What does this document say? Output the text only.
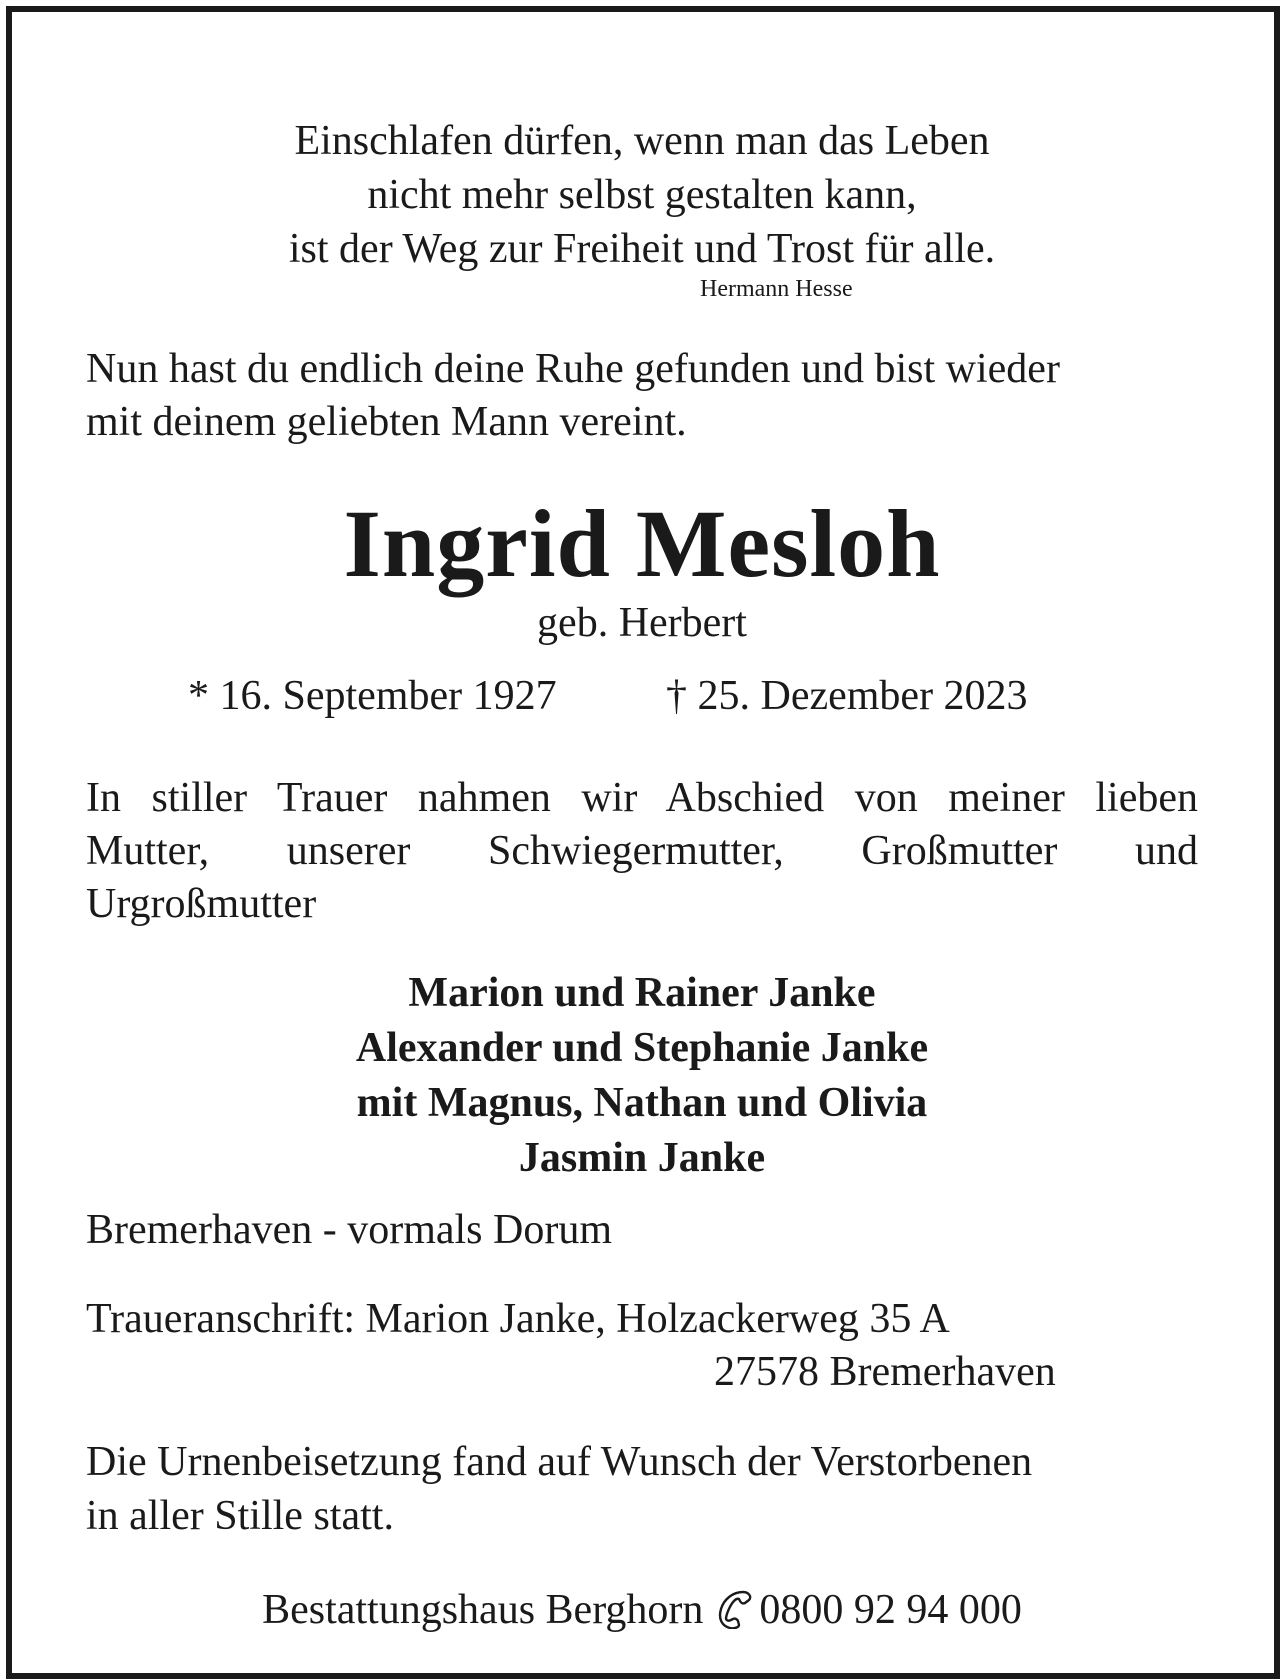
Einschlafen dürfen, wenn man das Leben
nicht mehr selbst gestalten kann,
ist der Weg zur Freiheit und Trost für alle.
Hermann Hesse
Nun hast du endlich deine Ruhe gefunden und bist wieder
mit deinem geliebten Mann vereint.
Ingrid Mesloh
geb. Herbert
* 16. September 1927	† 25. Dezember 2023
In stiller Trauer nahmen wir Abschied von meiner lieben
Mutter, unserer Schwiegermutter, Großmutter und
Urgroßmutter
Marion und Rainer Janke
Alexander und Stephanie Janke
mit Magnus, Nathan und Olivia
Jasmin Janke
Bremerhaven - vormals Dorum
Traueranschrift: Marion Janke, Holzackerweg 35 A
27578 Bremerhaven
Die Urnenbeisetzung fand auf Wunsch der Verstorbenen
in aller Stille statt.
Bestattungshaus Berghorn 0800 92 94 000
